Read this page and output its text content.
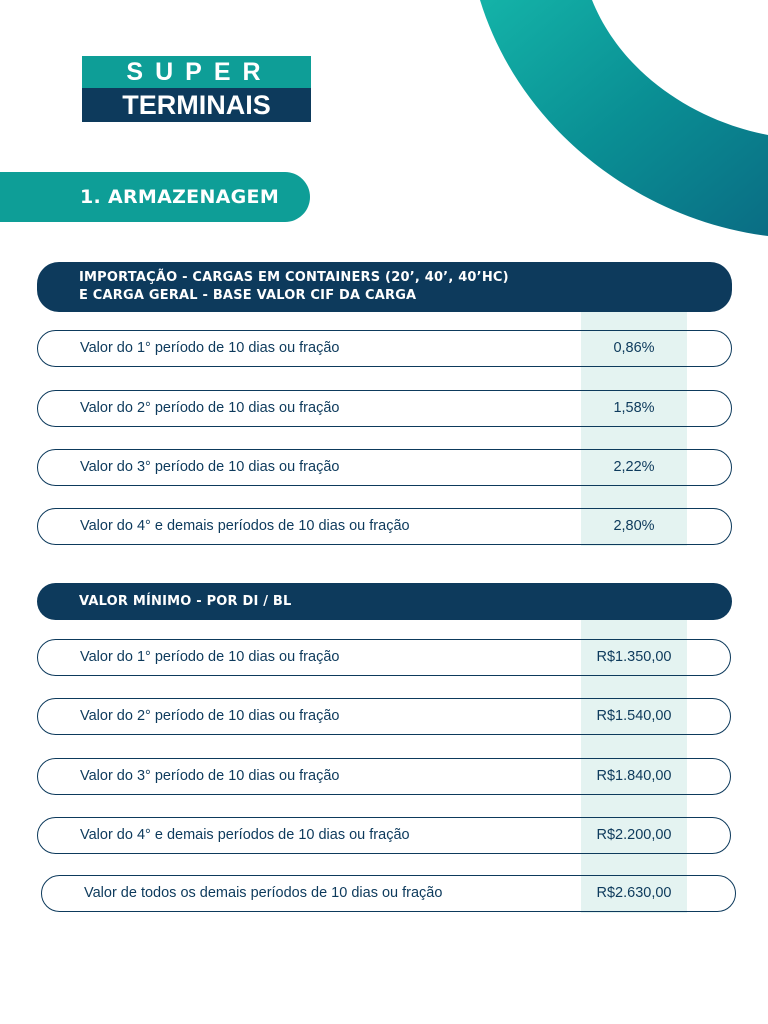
SUPER
TERMINAIS
1. ARMAZENAGEM
IMPORTAÇÃO - CARGAS EM CONTAINERS (20’, 40’, 40’HC)
E CARGA GERAL - BASE VALOR CIF DA CARGA
Valor do 1° período de 10 dias ou fração	0,86%
Valor do 2° período de 10 dias ou fração	1,58%
Valor do 3° período de 10 dias ou fração	2,22%
Valor do 4° e demais períodos de 10 dias ou fração	2,80%
VALOR MÍNIMO - POR DI / BL
Valor do 1° período de 10 dias ou fração	R$1.350,00
Valor do 2° período de 10 dias ou fração	R$1.540,00
Valor do 3° período de 10 dias ou fração	R$1.840,00
Valor do 4° e demais períodos de 10 dias ou fração	R$2.200,00
Valor de todos os demais períodos de 10 dias ou fração	R$2.630,00
